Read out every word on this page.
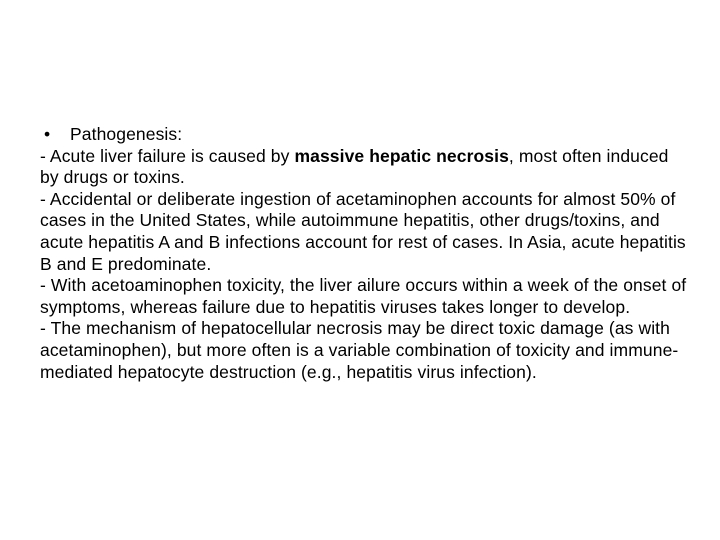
• Pathogenesis:
- Acute liver failure is caused by massive hepatic necrosis, most often induced by drugs or toxins.
- Accidental or deliberate ingestion of acetaminophen accounts for almost 50% of cases in the United States, while autoimmune hepatitis, other drugs/toxins, and acute hepatitis A and B infections account for rest of cases. In Asia, acute hepatitis B and E predominate.
- With acetoaminophen toxicity, the liver ailure occurs within a week of the onset of symptoms, whereas failure due to hepatitis viruses takes longer to develop.
- The mechanism of hepatocellular necrosis may be direct toxic damage (as with acetaminophen), but more often is a variable combination of toxicity and immune-mediated hepatocyte destruction (e.g., hepatitis virus infection).
